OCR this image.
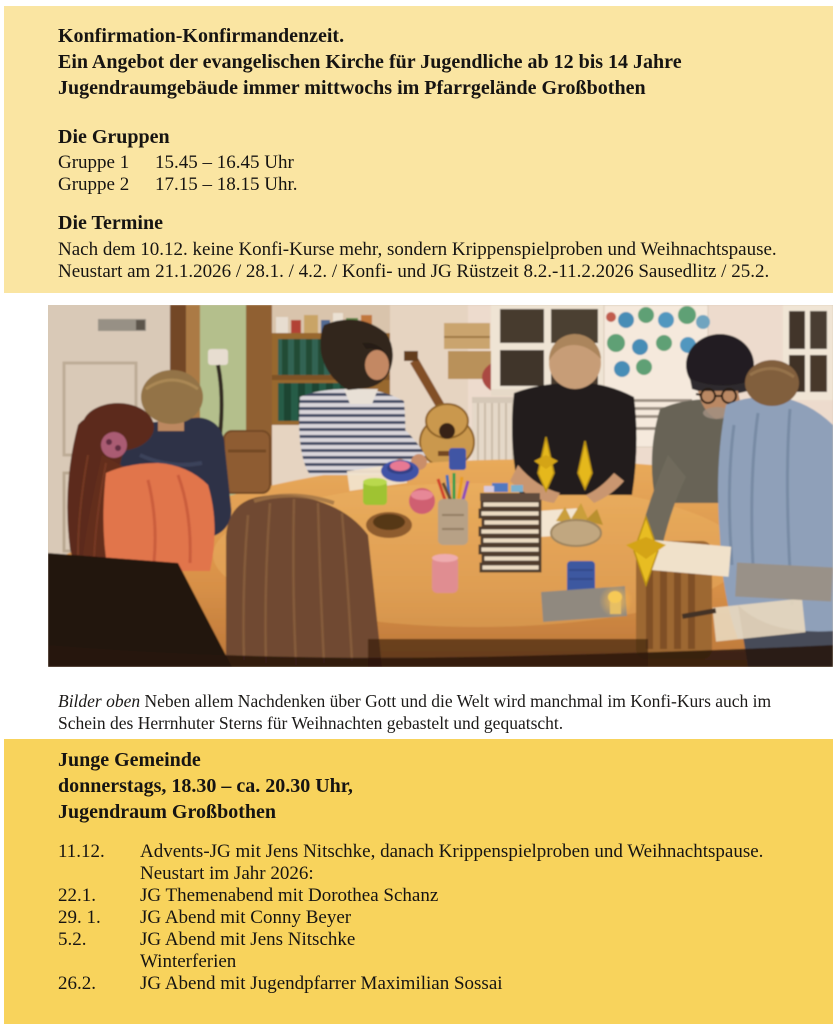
Konfirmation-Konfirmandenzeit.
Ein Angebot der evangelischen Kirche für Jugendliche ab 12 bis 14 Jahre
Jugendraumgebäude immer mittwochs im Pfarrgelände Großbothen
Die Gruppen
Gruppe 1	15.45 – 16.45 Uhr
Gruppe 2	17.15 – 18.15 Uhr.
Die Termine
Nach dem 10.12. keine Konfi-Kurse mehr, sondern Krippenspielproben und Weihnachtspause.
Neustart am 21.1.2026 / 28.1. / 4.2. / Konfi- und JG Rüstzeit 8.2.-11.2.2026 Sausedlitz / 25.2.
Bilder oben Neben allem Nachdenken über Gott und die Welt wird manchmal im Konfi-Kurs auch im Schein des Herrnhuter Sterns für Weihnachten gebastelt und gequatscht.
Junge Gemeinde
donnerstags, 18.30 – ca. 20.30 Uhr,
Jugendraum Großbothen
11.12.	Advents-JG mit Jens Nitschke, danach Krippenspielproben und Weihnachtspause.
Neustart im Jahr 2026:
22.1.	JG Themenabend mit Dorothea Schanz
29. 1.	JG Abend mit Conny Beyer
5.2.	JG Abend mit Jens Nitschke
Winterferien
26.2.	JG Abend mit Jugendpfarrer Maximilian Sossai
